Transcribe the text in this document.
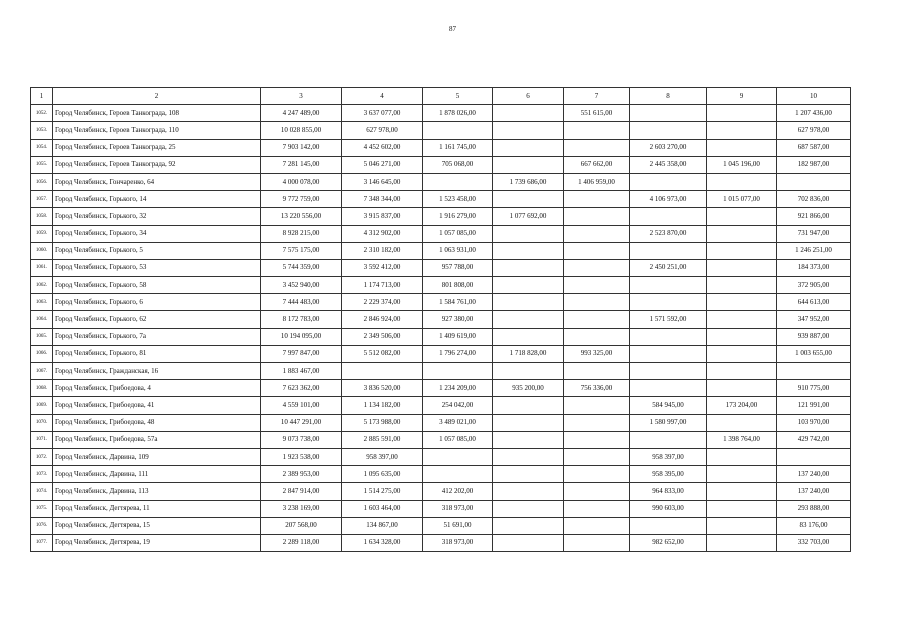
87
1	2	3	4	5	6	7	8	9	10
1052.	Город Челябинск, Героев Танкограда, 108	4 247 489,00	3 637 077,00	1 878 026,00		551 615,00			1 207 436,00
1053.	Город Челябинск, Героев Танкограда, 110	10 028 855,00	627 978,00						627 978,00
1054.	Город Челябинск, Героев Танкограда, 25	7 903 142,00	4 452 602,00	1 161 745,00			2 603 270,00		687 587,00
1055.	Город Челябинск, Героев Танкограда, 92	7 281 145,00	5 046 271,00	705 068,00		667 662,00	2 445 358,00	1 045 196,00	182 987,00
1056.	Город Челябинск, Гончаренко, 64	4 000 078,00	3 146 645,00		1 739 686,00	1 406 959,00			
1057.	Город Челябинск, Горького, 14	9 772 759,00	7 348 344,00	1 523 458,00			4 106 973,00	1 015 077,00	702 836,00
1058.	Город Челябинск, Горького, 32	13 220 556,00	3 915 837,00	1 916 279,00	1 077 692,00				921 866,00
1059.	Город Челябинск, Горького, 34	8 928 215,00	4 312 902,00	1 057 085,00			2 523 870,00		731 947,00
1060.	Город Челябинск, Горького, 5	7 575 175,00	2 310 182,00	1 063 931,00					1 246 251,00
1061.	Город Челябинск, Горького, 53	5 744 359,00	3 592 412,00	957 788,00			2 450 251,00		184 373,00
1062.	Город Челябинск, Горького, 58	3 452 940,00	1 174 713,00	801 808,00					372 905,00
1063.	Город Челябинск, Горького, 6	7 444 483,00	2 229 374,00	1 584 761,00					644 613,00
1064.	Город Челябинск, Горького, 62	8 172 783,00	2 846 924,00	927 380,00			1 571 592,00		347 952,00
1065.	Город Челябинск, Горького, 7а	10 194 095,00	2 349 506,00	1 409 619,00					939 887,00
1066.	Город Челябинск, Горького, 81	7 997 847,00	5 512 082,00	1 796 274,00	1 718 828,00	993 325,00			1 003 655,00
1067.	Город Челябинск, Гражданская, 16	1 883 467,00							
1068.	Город Челябинск, Грибоедова, 4	7 623 362,00	3 836 520,00	1 234 209,00	935 200,00	756 336,00			910 775,00
1069.	Город Челябинск, Грибоедова, 41	4 559 101,00	1 134 182,00	254 042,00			584 945,00	173 204,00	121 991,00
1070.	Город Челябинск, Грибоедова, 48	10 447 291,00	5 173 988,00	3 489 021,00			1 580 997,00		103 970,00
1071.	Город Челябинск, Грибоедова, 57а	9 073 738,00	2 885 591,00	1 057 085,00				1 398 764,00	429 742,00
1072.	Город Челябинск, Дарвина, 109	1 923 538,00	958 397,00				958 397,00		
1073.	Город Челябинск, Дарвина, 111	2 389 953,00	1 095 635,00				958 395,00		137 240,00
1074.	Город Челябинск, Дарвина, 113	2 847 914,00	1 514 275,00	412 202,00			964 833,00		137 240,00
1075.	Город Челябинск, Дегтярева, 11	3 238 169,00	1 603 464,00	318 973,00			990 603,00		293 888,00
1076.	Город Челябинск, Дегтярева, 15	207 568,00	134 867,00	51 691,00					83 176,00
1077.	Город Челябинск, Дегтярева, 19	2 289 118,00	1 634 328,00	318 973,00			982 652,00		332 703,00
